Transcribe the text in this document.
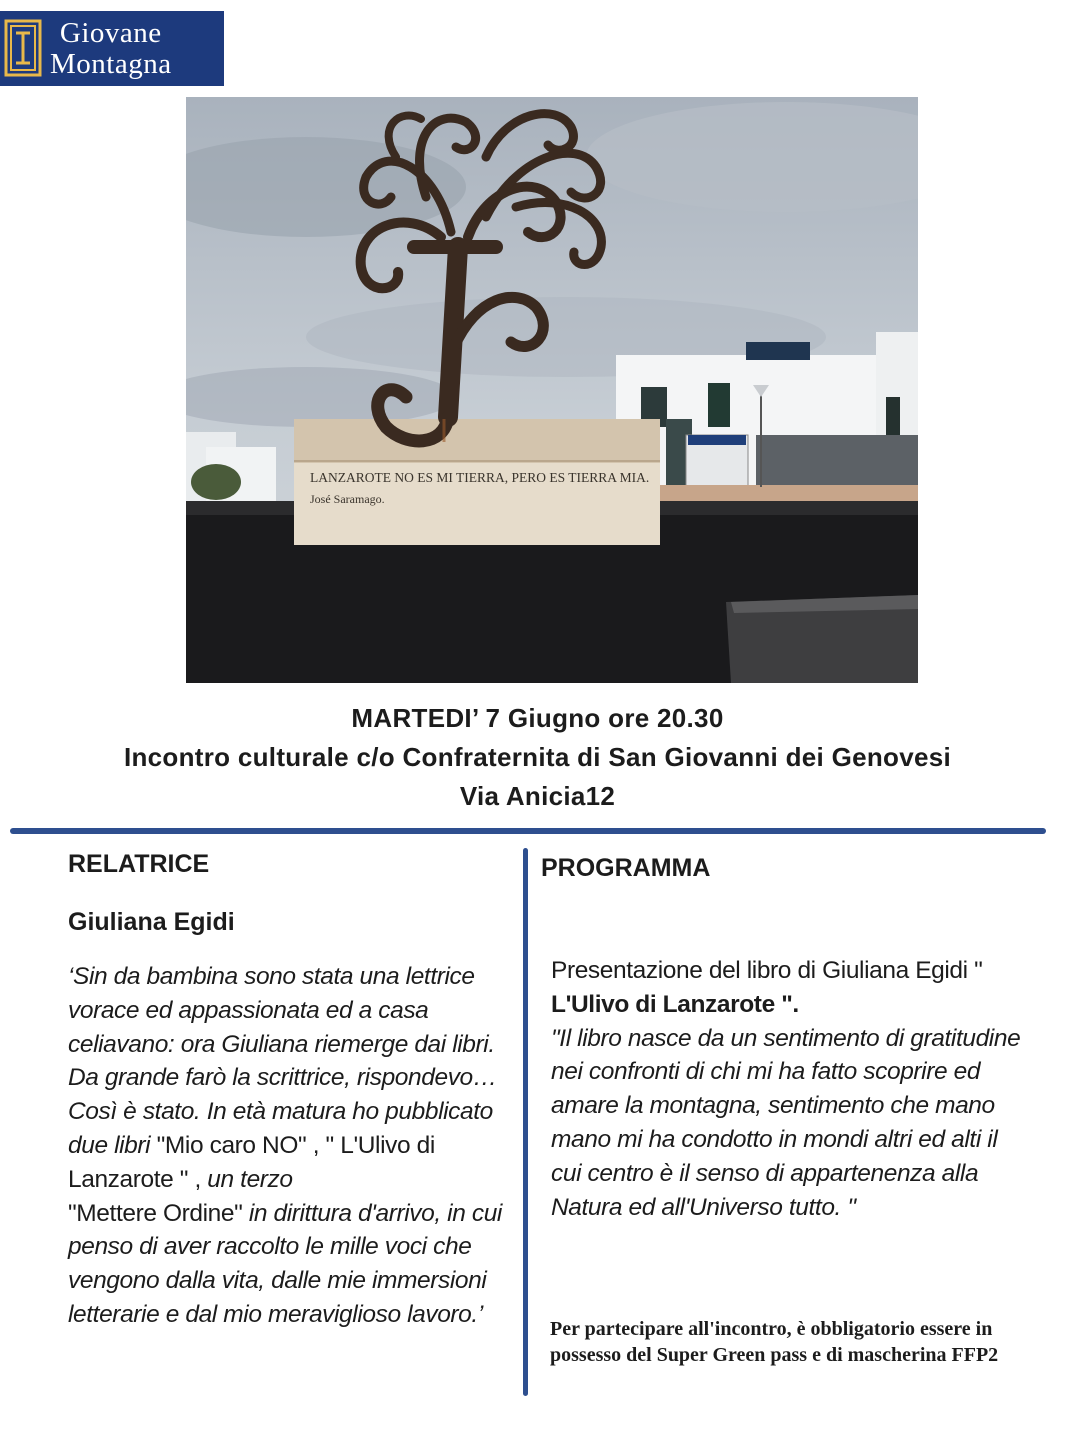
Giovane
Montagna
LANZAROTE NO ES MI TIERRA, PERO ES TIERRA MIA.
José Saramago.
MARTEDI’ 7 Giugno ore 20.30
Incontro culturale c/o Confraternita di San Giovanni dei Genovesi
Via Anicia12
RELATRICE
Giuliana Egidi
‘Sin da bambina sono stata una lettrice vorace ed appassionata ed a casa celiavano: ora Giuliana riemerge dai libri. Da grande farò la scrittrice, rispondevo… Così è stato. In età matura ho pubblicato due libri "Mio caro NO" , " L'Ulivo di Lanzarote " , un terzo
"Mettere Ordine" in dirittura d'arrivo, in cui penso di aver raccolto le mille voci che vengono dalla vita, dalle mie immersioni letterarie e dal mio meraviglioso lavoro.’
PROGRAMMA
Presentazione del libro di Giuliana Egidi " L'Ulivo di Lanzarote ".
"Il libro nasce da un sentimento di gratitudine nei confronti di chi mi ha fatto scoprire ed amare la montagna, sentimento che mano mano mi ha condotto in mondi altri ed alti il cui centro è il senso di appartenenza alla Natura ed all'Universo tutto. "
Per partecipare all'incontro, è obbligatorio essere in possesso del Super Green pass e di mascherina FFP2
